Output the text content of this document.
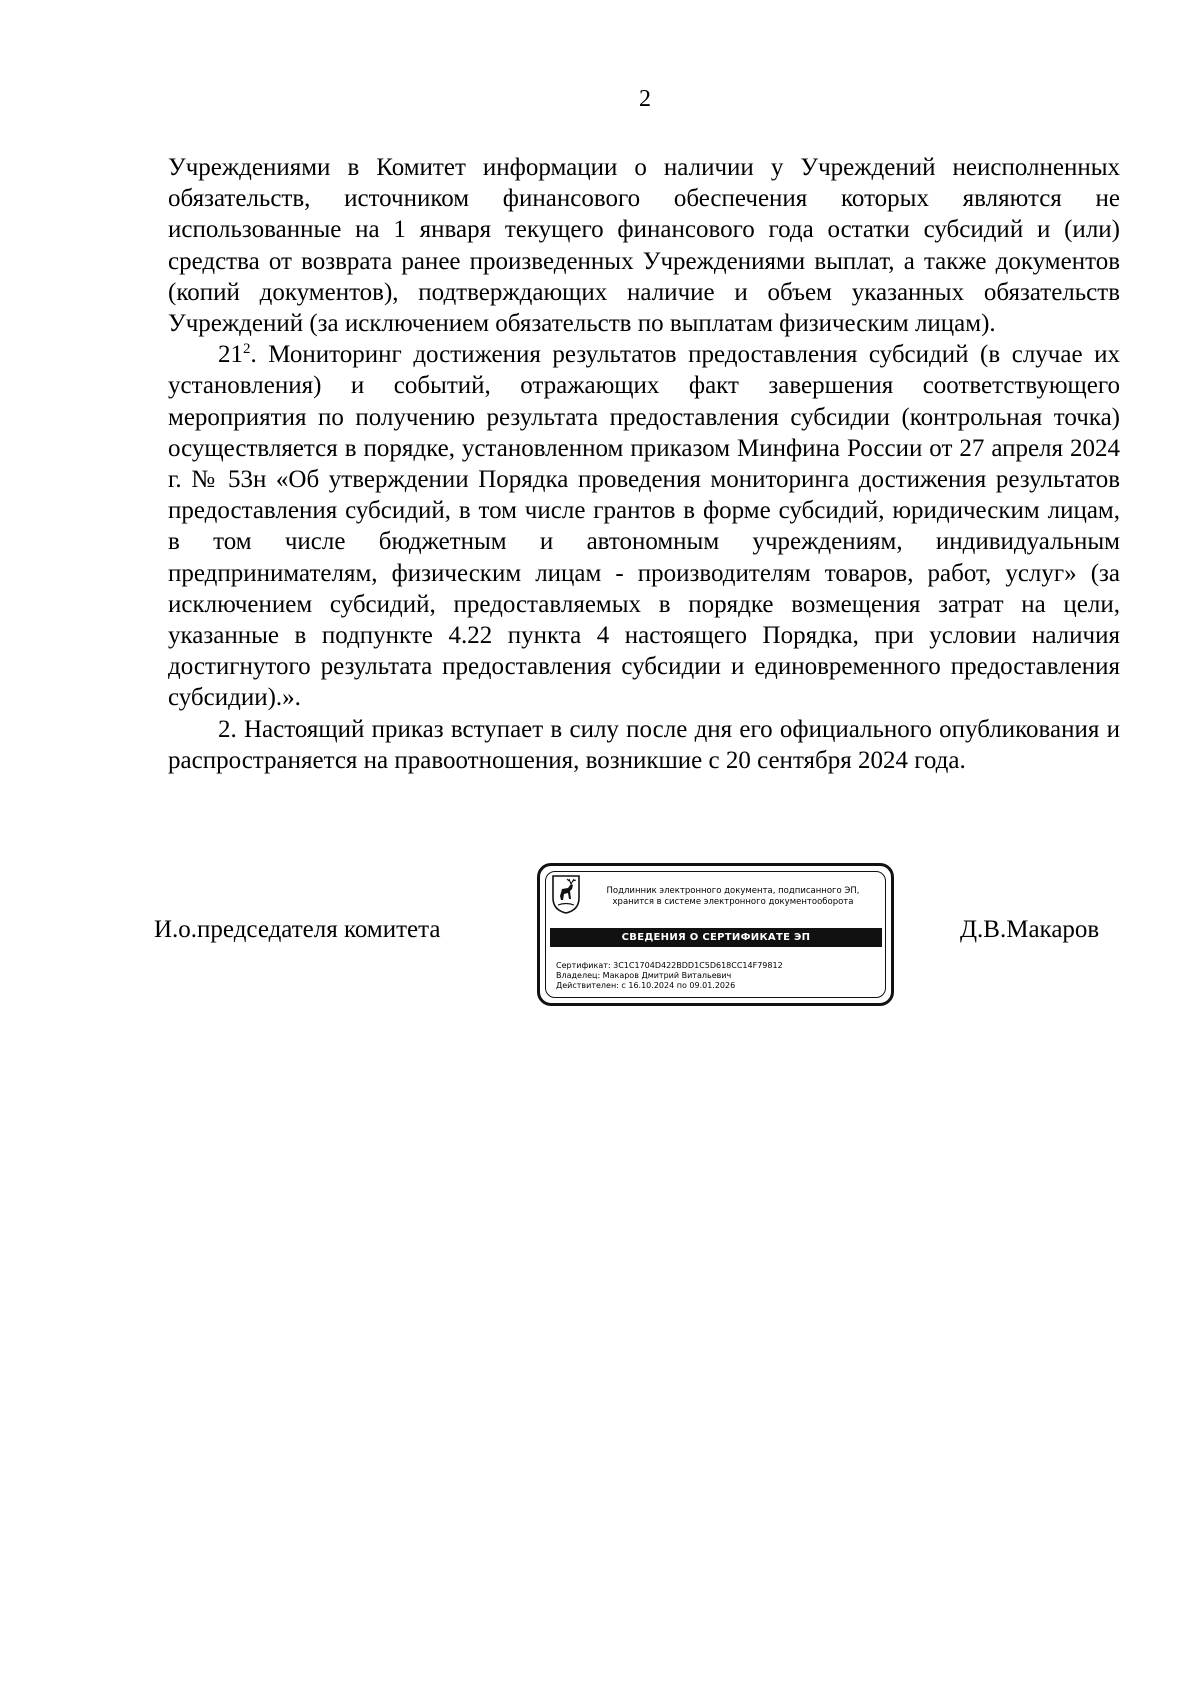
2

Учреждениями в Комитет информации о наличии у Учреждений неисполненных обязательств, источником финансового обеспечения которых являются не использованные на 1 января текущего финансового года остатки субсидий и (или) средства от возврата ранее произведенных Учреждениями выплат, а также документов (копий документов), подтверждающих наличие и объем указанных обязательств Учреждений (за исключением обязательств по выплатам физическим лицам).

$21^2$. Мониторинг достижения результатов предоставления субсидий (в случае их установления) и событий, отражающих факт завершения соответствующего мероприятия по получению результата предоставления субсидии (контрольная точка) осуществляется в порядке, установленном приказом Минфина России от 27 апреля 2024 г. № 53н «Об утверждении Порядка проведения мониторинга достижения результатов предоставления субсидий, в том числе грантов в форме субсидий, юридическим лицам, в том числе бюджетным и автономным учреждениям, индивидуальным предпринимателям, физическим лицам - производителям товаров, работ, услуг» (за исключением субсидий, предоставляемых в порядке возмещения затрат на цели, указанные в подпункте 4.22 пункта 4 настоящего Порядка, при условии наличия достигнутого результата предоставления субсидии и единовременного предоставления субсидии).».

2. Настоящий приказ вступает в силу после дня его официального опубликования и распространяется на правоотношения, возникшие с 20 сентября 2024 года.

И.о.председателя комитета
Подлинник электронного документа, подписанного ЭП,
хранится в системе электронного документооборота
СВЕДЕНИЯ О СЕРТИФИКАТЕ ЭП
Сертификат: 3C1C1704D422BDD1C5D618CC14F79812
Владелец: Макаров Дмитрий Витальевич
Действителен: с 16.10.2024 по 09.01.2026
Д.В.Макаров
